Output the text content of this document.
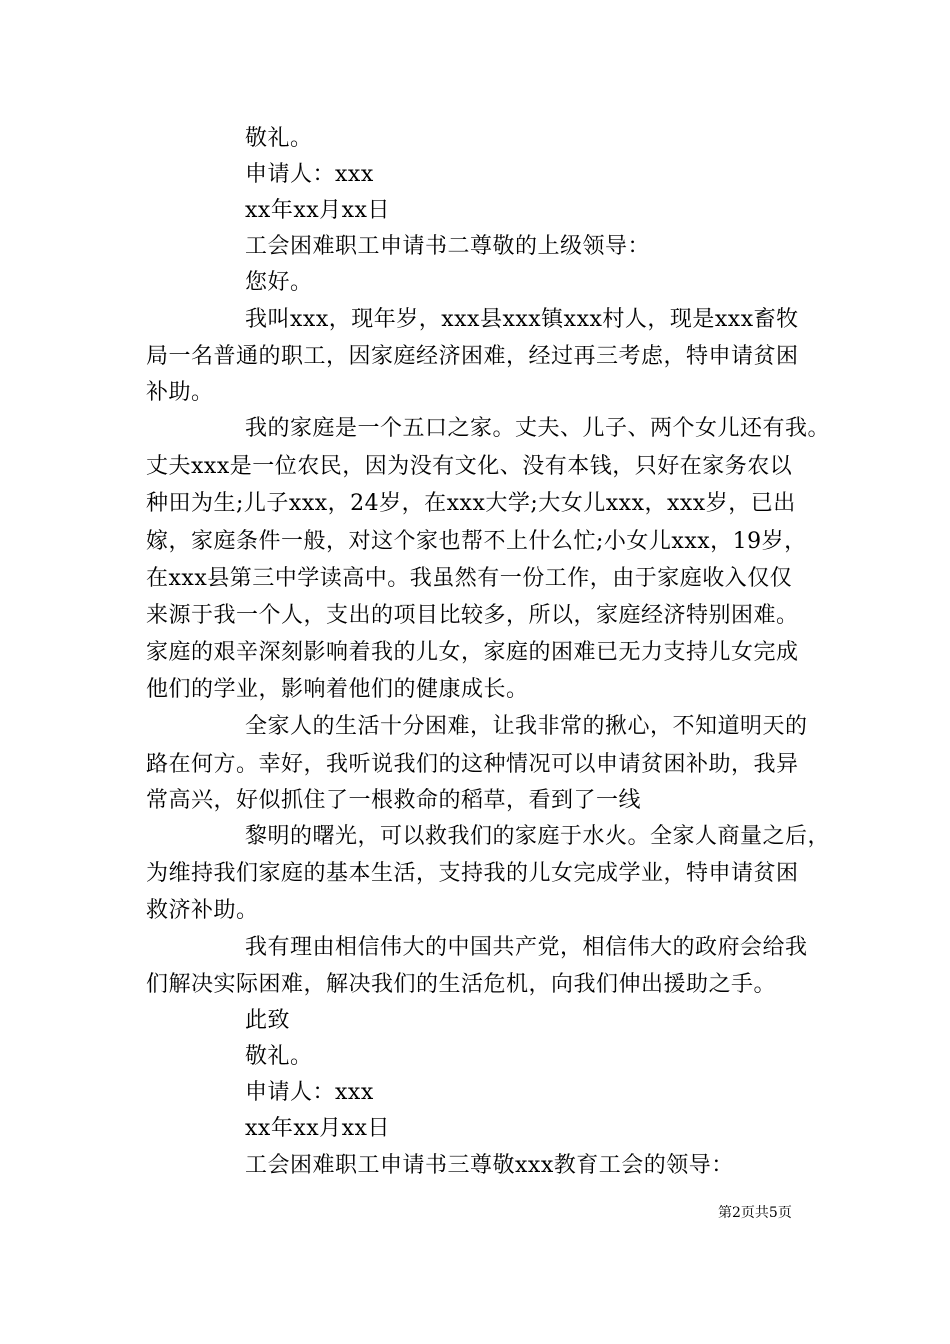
敬礼。
申请人：xxx
xx年xx月xx日
工会困难职工申请书二尊敬的上级领导：
您好。
我叫xxx，现年岁，xxx县xxx镇xxx村人，现是xxx畜牧
局一名普通的职工，因家庭经济困难，经过再三考虑，特申请贫困
补助。
我的家庭是一个五口之家。丈夫、儿子、两个女儿还有我。
丈夫xxx是一位农民，因为没有文化、没有本钱，只好在家务农以
种田为生;儿子xxx，24岁，在xxx大学;大女儿xxx，xxx岁，已出
嫁，家庭条件一般，对这个家也帮不上什么忙;小女儿xxx，19岁，
在xxx县第三中学读高中。我虽然有一份工作，由于家庭收入仅仅
来源于我一个人，支出的项目比较多，所以，家庭经济特别困难。
家庭的艰辛深刻影响着我的儿女，家庭的困难已无力支持儿女完成
他们的学业，影响着他们的健康成长。
全家人的生活十分困难，让我非常的揪心，不知道明天的
路在何方。幸好，我听说我们的这种情况可以申请贫困补助，我异
常高兴，好似抓住了一根救命的稻草，看到了一线
黎明的曙光，可以救我们的家庭于水火。全家人商量之后，
为维持我们家庭的基本生活，支持我的儿女完成学业，特申请贫困
救济补助。
我有理由相信伟大的中国共产党，相信伟大的政府会给我
们解决实际困难，解决我们的生活危机，向我们伸出援助之手。
此致
敬礼。
申请人：xxx
xx年xx月xx日
工会困难职工申请书三尊敬xxx教育工会的领导：
第2页共5页
